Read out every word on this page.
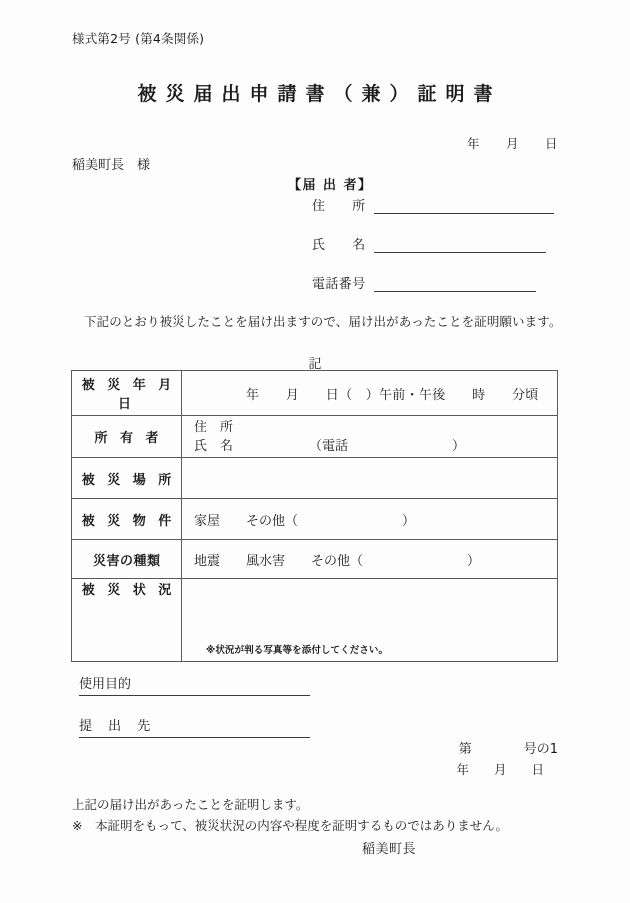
様式第2号 (第4条関係)
被災届出申請書（兼）証明書
年　　月　　日
稲美町長　様
【届 出 者】
住　　所
氏　　名
電話番号
下記のとおり被災したことを届け出ますので、届け出があったことを証明願います。
記
被 災 年 月 日	年　　月　　日（　）午前・午後　　時　　分頃

所 有 者	住　所
氏　名 （電話　　　　　　　　）

被 災 場 所	
被 災 物 件	家屋　　その他（　　　　　　　　）
災害の種類	地震　　風水害　　その他（　　　　　　　　）
被 災 状 況	※状況が判る写真等を添付してください。
使用目的
提 出 先
第　　　　号の1
年　　月　　日
上記の届け出があったことを証明します。
※　本証明をもって、被災状況の内容や程度を証明するものではありません。
稲美町長
